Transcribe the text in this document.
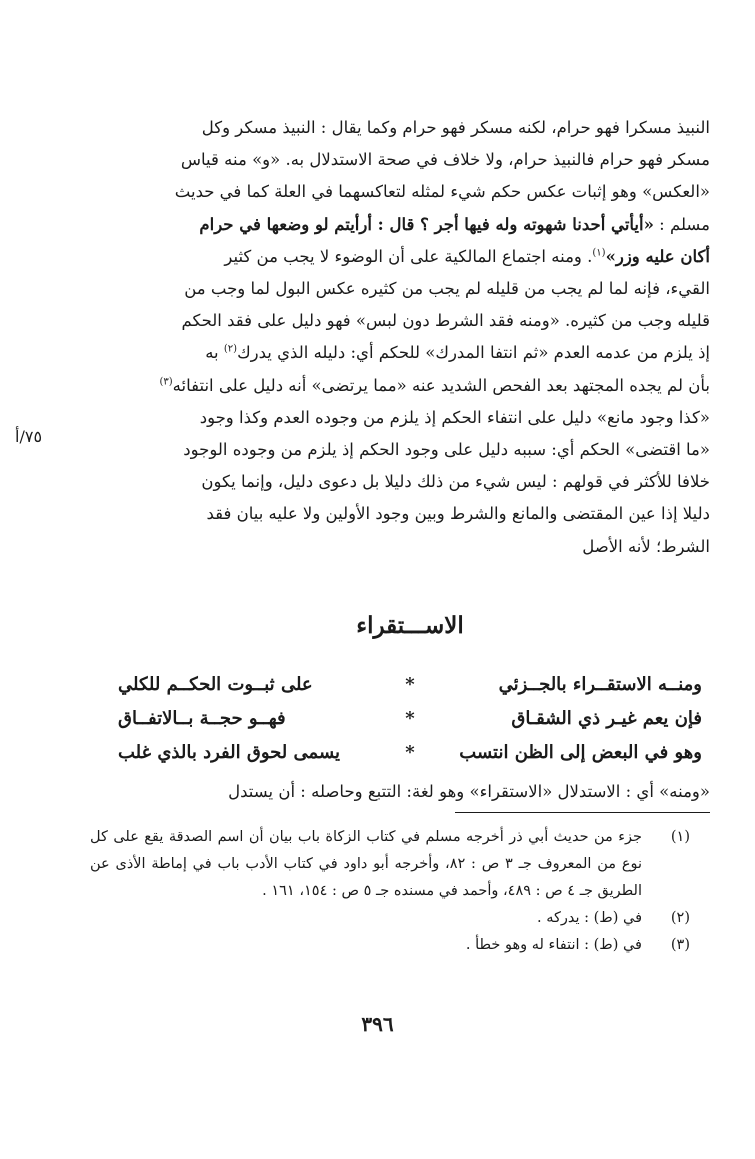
النبيذ مسكرا فهو حرام، لكنه مسكر فهو حرام وكما يقال : النبيذ مسكر وكل

مسكر فهو حرام فالنبيذ حرام، ولا خلاف في صحة الاستدلال به. «و» منه قياس

«العكس» وهو إثبات عكس حكم شيء لمثله لتعاكسهما في العلة كما في حديث

مسلم : «أيأتي أحدنا شهوته وله فيها أجر ؟ قال : أرأيتم لو وضعها في حرام

أكان عليه وزر»$^{(١)}$. ومنه اجتماع المالكية على أن الوضوء لا يجب من كثير

القيء، فإنه لما لم يجب من قليله لم يجب من كثيره عكس البول لما وجب من

قليله وجب من كثيره. «ومنه فقد الشرط دون لبس» فهو دليل على فقد الحكم

إذ يلزم من عدمه العدم «ثم انتفا المدرك» للحكم أي: دليله الذي يدرك$^{(٢)}$ به

بأن لم يجده المجتهد بعد الفحص الشديد عنه «مما يرتضى» أنه دليل على انتفائه$^{(٣)}$

«كذا وجود مانع» دليل على انتفاء الحكم إذ يلزم من وجوده العدم وكذا وجود

«ما اقتضى» الحكم أي: سببه دليل على وجود الحكم إذ يلزم من وجوده الوجود

خلافا للأكثر في قولهم : ليس شيء من ذلك دليلا بل دعوى دليل، وإنما يكون

دليلا إذا عين المقتضى والمانع والشرط وبين وجود الأولين ولا عليه بيان فقد

الشرط؛ لأنه الأصل

٧٥/أ
الاســـتقراء
ومنــه الاستقــراء بالجــزئي
*
على ثبــوت الحكــم للكلي
فإن يعم غيـر ذي الشقـاق
*
فهــو حجــة بــالاتفــاق
وهو في البعض إلى الظن انتسب
*
يسمى لحوق الفرد بالذي غلب
«ومنه» أي : الاستدلال «الاستقراء» وهو لغة: التتبع وحاصله : أن يستدل
(١)
جزء من حديث أبي ذر أخرجه مسلم في كتاب الزكاة باب بيان أن اسم الصدقة يقع على كل نوع من المعروف جـ ٣ ص : ٨٢، وأخرجه أبو داود في كتاب الأدب باب في إماطة الأذى عن الطريق جـ ٤ ص : ٤٨٩، وأحمد في مسنده جـ ٥ ص : ١٥٤، ١٦١ .
(٢)
في (ط) : يدركه .
(٣)
في (ط) : انتفاء له وهو خطأ .
٣٩٦
